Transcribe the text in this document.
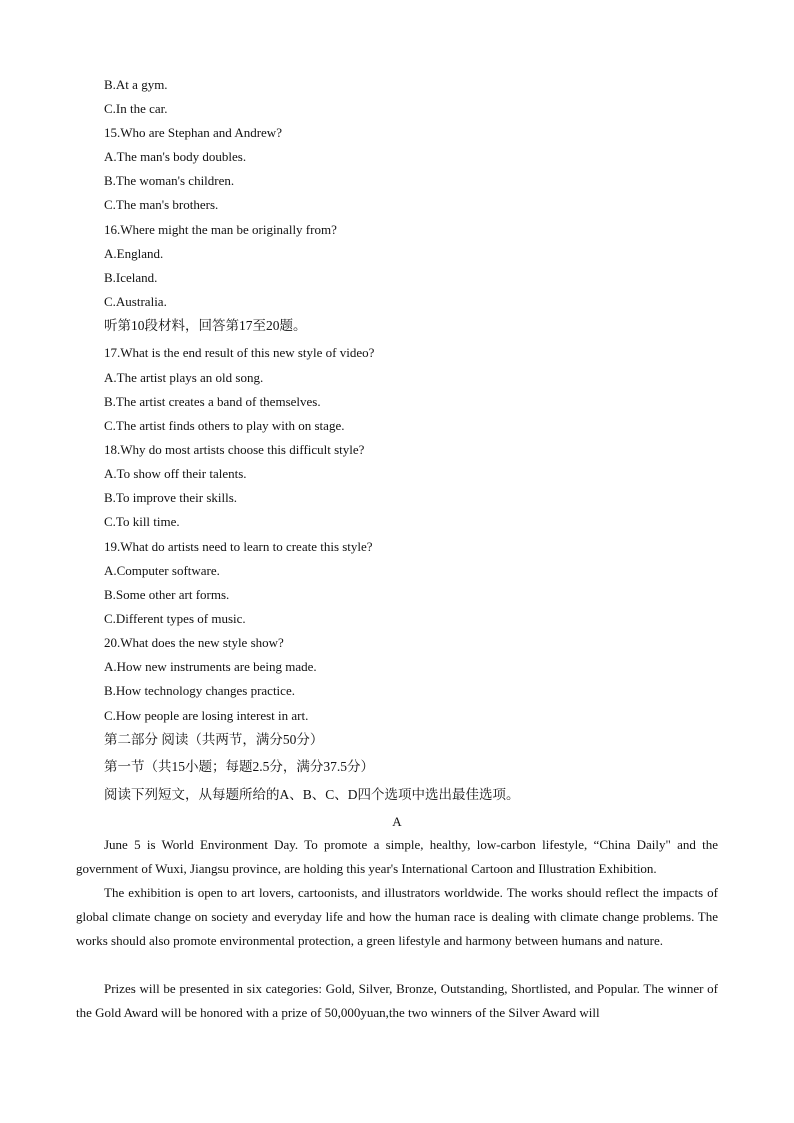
B.At a gym.
C.In the car.
15.Who are Stephan and Andrew?
A.The man's body doubles.
B.The woman's children.
C.The man's brothers.
16.Where might the man be originally from?
A.England.
B.Iceland.
C.Australia.
听第10段材料，回答第17至20题。
17.What is the end result of this new style of video?
A.The artist plays an old song.
B.The artist creates a band of themselves.
C.The artist finds others to play with on stage.
18.Why do most artists choose this difficult style?
A.To show off their talents.
B.To improve their skills.
C.To kill time.
19.What do artists need to learn to create this style?
A.Computer software.
B.Some other art forms.
C.Different types of music.
20.What does the new style show?
A.How new instruments are being made.
B.How technology changes practice.
C.How people are losing interest in art.
第二部分 阅读（共两节，满分50分）
第一节（共15小题；每题2.5分，满分37.5分）
阅读下列短文，从每题所给的A、B、C、D四个选项中选出最佳选项。
A

June 5 is World Environment Day. To promote a simple, healthy, low-carbon lifestyle, “China Daily" and the government of Wuxi, Jiangsu province, are holding this year's International Cartoon and Illustration Exhibition.

The exhibition is open to art lovers, cartoonists, and illustrators worldwide. The works should reflect the impacts of global climate change on society and everyday life and how the human race is dealing with climate change problems. The works should also promote environmental protection, a green lifestyle and harmony between humans and nature.

Prizes will be presented in six categories: Gold, Silver, Bronze, Outstanding, Shortlisted, and Popular. The winner of the Gold Award will be honored with a prize of 50,000yuan,the two winners of the Silver Award will
